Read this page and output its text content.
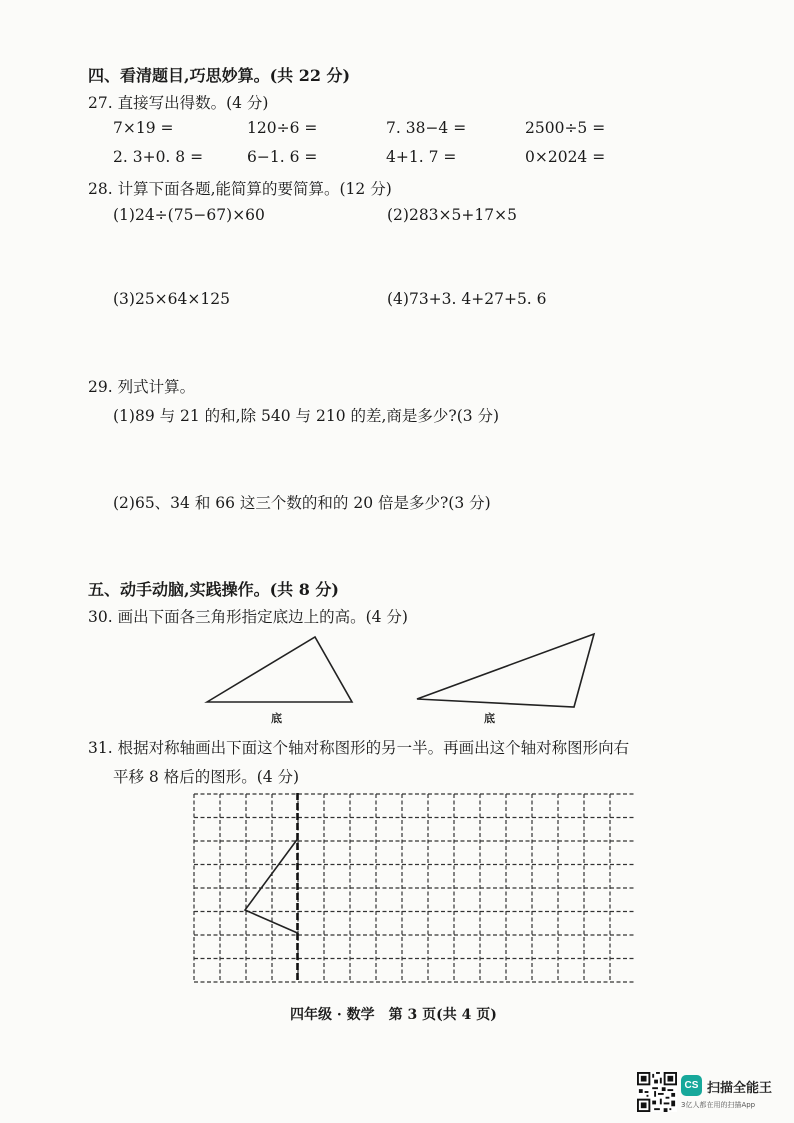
四、看清题目,巧思妙算。(共 22 分)
27. 直接写出得数。(4 分)
7×19 =	120÷6 =	7. 38−4 =	2500÷5 =
2. 3+0. 8 =	6−1. 6 =	4+1. 7 =	0×2024 =
28. 计算下面各题,能简算的要简算。(12 分)
(1)24÷(75−67)×60	(2)283×5+17×5
(3)25×64×125	(4)73+3. 4+27+5. 6
29. 列式计算。
(1)89 与 21 的和,除 540 与 210 的差,商是多少?(3 分)
(2)65、34 和 66 这三个数的和的 20 倍是多少?(3 分)
五、动手动脑,实践操作。(共 8 分)
30. 画出下面各三角形指定底边上的高。(4 分)
底	底
31. 根据对称轴画出下面这个轴对称图形的另一半。再画出这个轴对称图形向右
平移 8 格后的图形。(4 分)
四年级 · 数学　第 3 页(共 4 页)
CS 扫描全能王
3亿人都在用的扫描App
